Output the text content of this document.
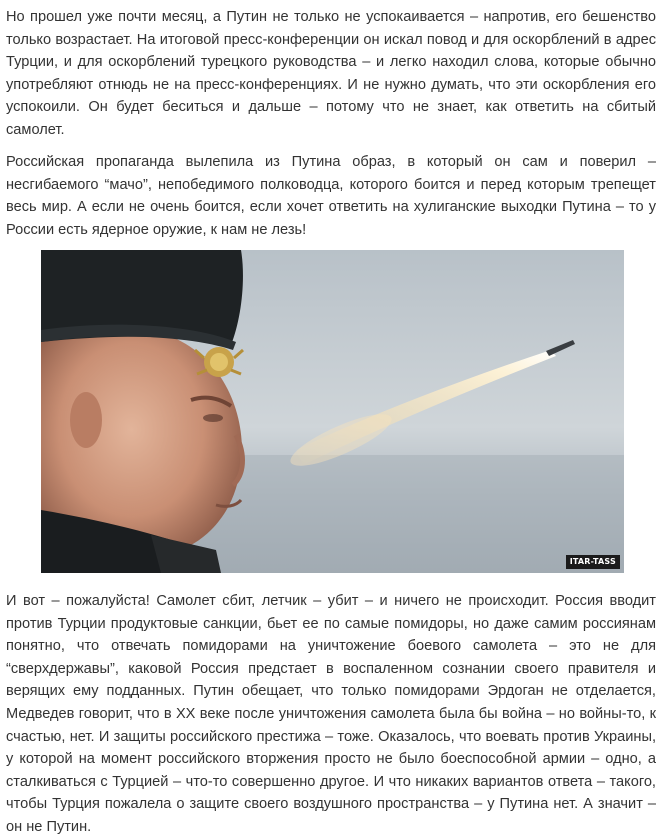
Но прошел уже почти месяц, а Путин не только не успокаивается – напротив, его бешенство только возрастает. На итоговой пресс-конференции он искал повод и для оскорблений в адрес Турции, и для оскорблений турецкого руководства – и легко находил слова, которые обычно употребляют отнюдь не на пресс-конференциях. И не нужно думать, что эти оскорбления его успокоили. Он будет беситься и дальше – потому что не знает, как ответить на сбитый самолет.

Российская пропаганда вылепила из Путина образ, в который он сам и поверил – несгибаемого “мачо”, непобедимого полководца, которого боится и перед которым трепещет весь мир. А если не очень боится, если хочет ответить на хулиганские выходки Путина – то у России есть ядерное оружие, к нам не лезь!

ITAR-TASS

И вот – пожалуйста! Самолет сбит, летчик – убит – и ничего не происходит. Россия вводит против Турции продуктовые санкции, бьет ее по самые помидоры, но даже самим россиянам понятно, что отвечать помидорами на уничтожение боевого самолета – это не для “сверхдержавы”, каковой Россия предстает в воспаленном сознании своего правителя и верящих ему подданных. Путин обещает, что только помидорами Эрдоган не отделается, Медведев говорит, что в XX веке после уничтожения самолета была бы война – но войны-то, к счастью, нет. И защиты российского престижа – тоже. Оказалось, что воевать против Украины, у которой на момент российского вторжения просто не было боеспособной армии – одно, а сталкиваться с Турцией – что-то совершенно другое. И что никаких вариантов ответа – такого, чтобы Турция пожалела о защите своего воздушного пространства – у Путина нет. А значит – он не Путин.
